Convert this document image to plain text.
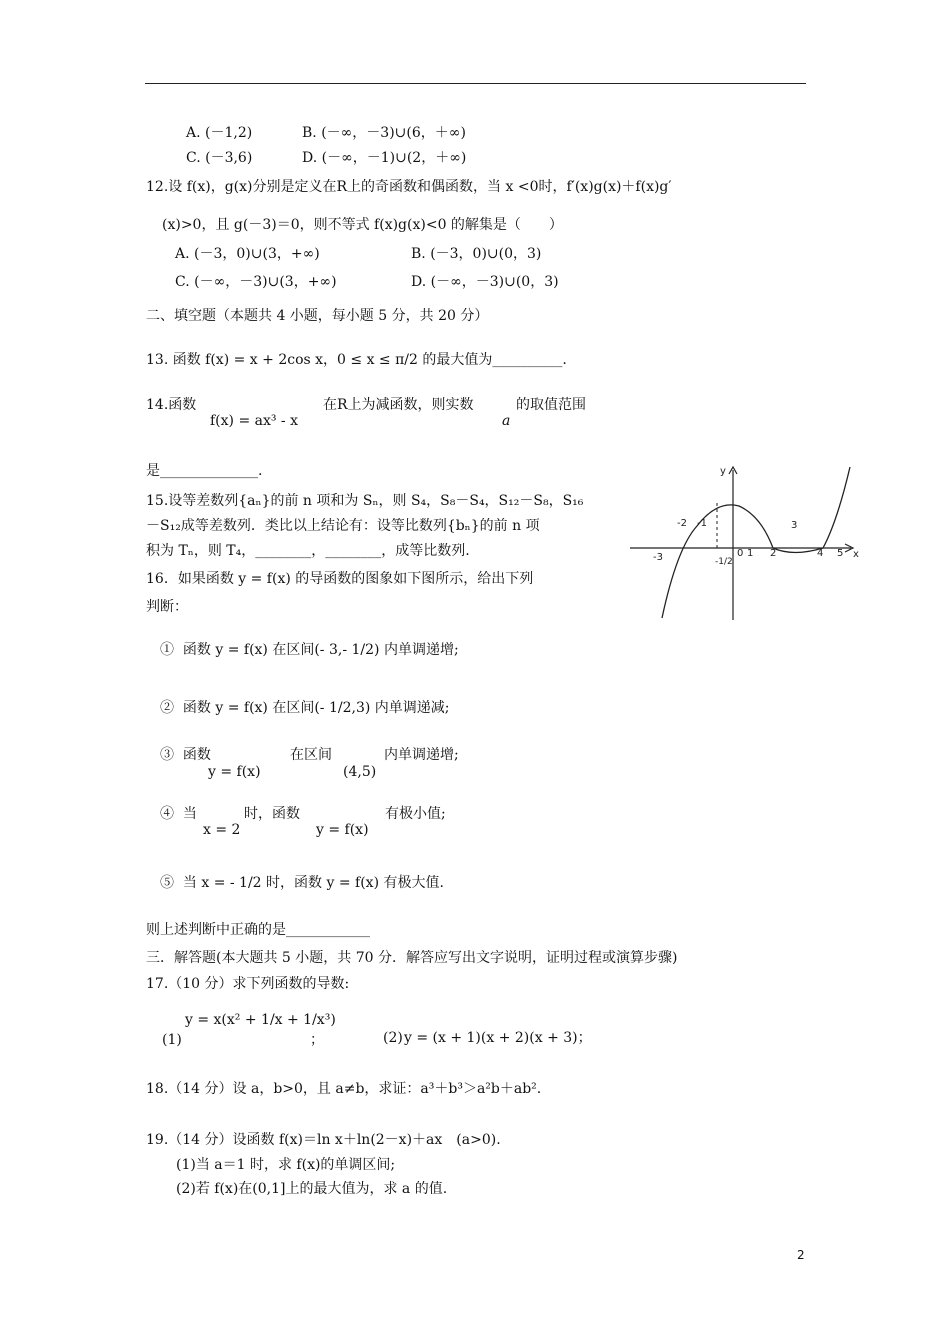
A. (－1,2)	B. (－∞，－3)∪(6，＋∞)
C. (－3,6)	D. (－∞，－1)∪(2，＋∞)
12.设 f(x)，g(x)分别是定义在R上的奇函数和偶函数，当 x <0时，f′(x)g(x)＋f(x)g′
(x)>0，且 g(－3)＝0，则不等式 f(x)g(x)<0 的解集是（　　）
A. (－3，0)∪(3，+∞)	B. (－3，0)∪(0，3)
C. (－∞，－3)∪(3，+∞)	D. (－∞，－3)∪(0，3)
二、填空题（本题共 4 小题，每小题 5 分，共 20 分）
13. 函数 f(x) = x + 2cos x，0 ≤ x ≤ π/2 的最大值为__________.
14.函数
f(x) = ax³ - x
在R上为减函数，则实数
a
的取值范围
是______________.
15.设等差数列{aₙ}的前 n 项和为 Sₙ，则 S₄，S₈－S₄，S₁₂－S₈，S₁₆
－S₁₂成等差数列．类比以上结论有：设等比数列{bₙ}的前 n 项
积为 Tₙ，则 T₄，________，________，成等比数列.
16．如果函数 y = f(x) 的导函数的图象如下图所示，给出下列
判断：
①  函数 y = f(x) 在区间(- 3,- 1/2) 内单调递增;
②  函数 y = f(x) 在区间(- 1/2,3) 内单调递减;
③  函数
y = f(x)
在区间
(4,5)
内单调递增;
④  当
x = 2
时，函数
y = f(x)
有极小值;
⑤  当 x = - 1/2 时，函数 y = f(x) 有极大值.
则上述判断中正确的是____________
y
x
-3
-2 -1
-1/2
0 1 2
3
4 5
三．解答题(本大题共 5 小题，共 70 分．解答应写出文字说明，证明过程或演算步骤)
17.（10 分）求下列函数的导数:
y = x(x² + 1/x + 1/x³)
(1)	；	(2) y = (x + 1)(x + 2)(x + 3)；
18.（14 分）设 a，b>0，且 a≠b，求证：a³＋b³＞a²b＋ab².
19.（14 分）设函数 f(x)＝ln x＋ln(2－x)＋ax　(a>0).
(1)当 a＝1 时，求 f(x)的单调区间;
(2)若 f(x)在(0,1]上的最大值为，求 a 的值.
2
